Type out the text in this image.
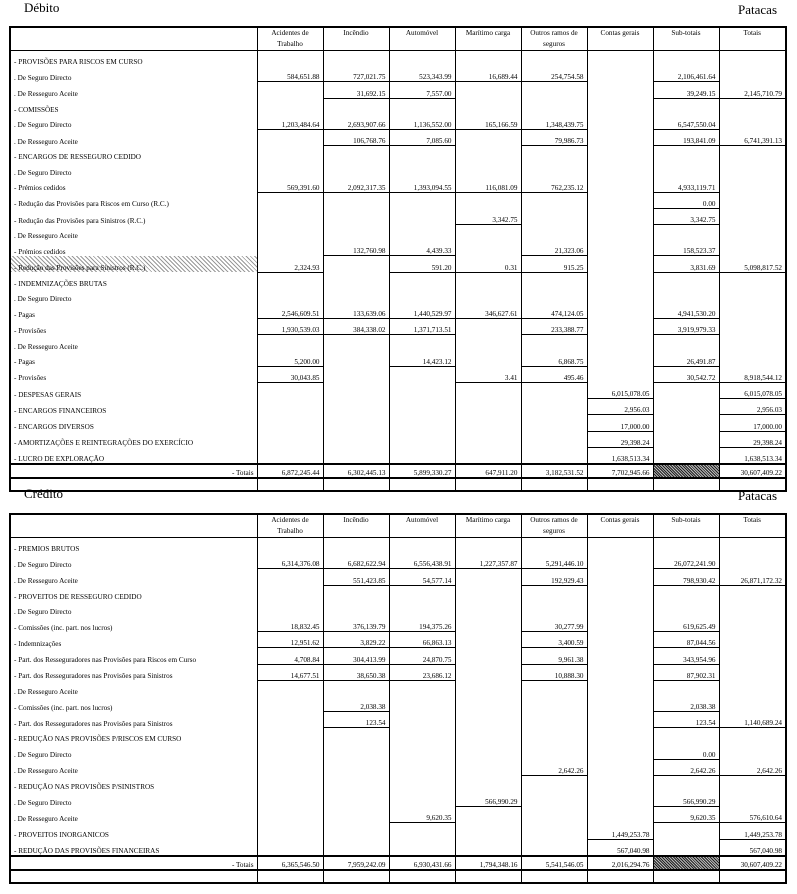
Débito	Patacas
	Acidentes de Trabalho	Incêndio	Automóvel	Marítimo carga	Outros ramos de seguros	Contas gerais	Sub-totais	Totais
- PROVISÕES PARA RISCOS EM CURSO								
. De Seguro Directo	584,651.88	727,021.75	523,343.99	16,689.44	254,754.58		2,106,461.64	
. De Resseguro Aceite		31,692.15	7,557.00				39,249.15	2,145,710.79
- COMISSÕES								
. De Seguro Directo	1,203,484.64	2,693,907.66	1,136,552.00	165,166.59	1,348,439.75		6,547,550.04	
. De Resseguro Aceite		106,768.76	7,085.60		79,986.73		193,841.09	6,741,391.13
- ENCARGOS DE RESSEGURO CEDIDO								
. De Seguro Directo								
- Prémios cedidos	569,391.60	2,092,317.35	1,393,094.55	116,081.09	762,235.12		4,933,119.71	
- Redução das Provisões para Riscos em Curso (R.C.)							0.00	
- Redução das Provisões para Sinistros (R.C.)				3,342.75			3,342.75	
. De Resseguro Aceite								
- Prémios cedidos		132,760.98	4,439.33		21,323.06		158,523.37	
- Redução das Provisões para Sinistros (R.C.)	2,324.93		591.20	0.31	915.25		3,831.69	5,098,817.52
- INDEMNIZAÇÕES BRUTAS								
. De Seguro Directo								
- Pagas	2,546,609.51	133,639.06	1,440,529.97	346,627.61	474,124.05		4,941,530.20	
- Provisões	1,930,539.03	384,338.02	1,371,713.51		233,388.77		3,919,979.33	
. De Resseguro Aceite								
- Pagas	5,200.00		14,423.12		6,868.75		26,491.87	
- Provisões	30,043.85			3.41	495.46		30,542.72	8,918,544.12
- DESPESAS GERAIS						6,015,078.05		6,015,078.05
- ENCARGOS FINANCEIROS						2,956.03		2,956.03
- ENCARGOS DIVERSOS						17,000.00		17,000.00
- AMORTIZAÇÕES E REINTEGRAÇÕES DO EXERCÍCIO						29,398.24		29,398.24
- LUCRO DE EXPLORAÇÃO						1,638,513.34		1,638,513.34
- Totais	6,872,245.44	6,302,445.13	5,899,330.27	647,911.20	3,182,531.52	7,702,945.66		30,607,409.22

Crédito	Patacas
	Acidentes de Trabalho	Incêndio	Automóvel	Marítimo carga	Outros ramos de seguros	Contas gerais	Sub-totais	Totais
- PREMIOS BRUTOS								
. De Seguro Directo	6,314,376.08	6,682,622.94	6,556,438.91	1,227,357.87	5,291,446.10		26,072,241.90	
. De Resseguro Aceite		551,423.85	54,577.14		192,929.43		798,930.42	26,871,172.32
- PROVEITOS DE RESSEGURO CEDIDO								
. De Seguro Directo								
- Comissões (inc. part. nos lucros)	18,832.45	376,139.79	194,375.26		30,277.99		619,625.49	
- Indemnizações	12,951.62	3,829.22	66,863.13		3,400.59		87,044.56	
- Part. dos Resseguradores nas Provisões para Riscos em Curso	4,708.84	304,413.99	24,870.75		9,961.38		343,954.96	
- Part. dos Resseguradores nas Provisões para Sinistros	14,677.51	38,650.38	23,686.12		10,888.30		87,902.31	
. De Resseguro Aceite								
- Comissões (inc. part. nos lucros)		2,038.38					2,038.38	
- Part. dos Resseguradores nas Provisões para Sinistros		123.54					123.54	1,140,689.24
- REDUÇÃO NAS PROVISÕES P/RISCOS EM CURSO								
. De Seguro Directo							0.00	
. De Resseguro Aceite					2,642.26		2,642.26	2,642.26
- REDUÇÃO NAS PROVISÕES P/SINISTROS								
. De Seguro Directo				566,990.29			566,990.29	
. De Resseguro Aceite			9,620.35				9,620.35	576,610.64
- PROVEITOS INORGANICOS						1,449,253.78		1,449,253.78
- REDUÇÃO DAS PROVISÕES FINANCEIRAS						567,040.98		567,040.98
- Totais	6,365,546.50	7,959,242.09	6,930,431.66	1,794,348.16	5,541,546.05	2,016,294.76		30,607,409.22
